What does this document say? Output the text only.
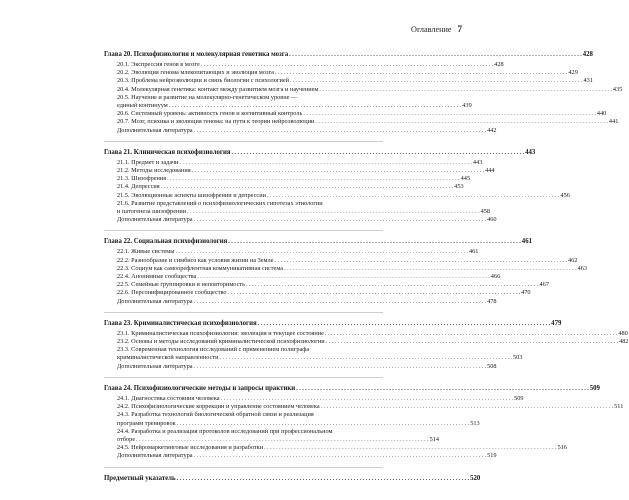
Оглавление 7
Глава 20. Психофизиология и молекулярная генетика мозга . . .	428
20.1. Экспрессия генов в мозге . . .	428
20.2. Эволюция генома млекопитающих и эволюция мозга . . .	429
20.3. Проблема нейроэволюции и связь биологии с психологией . . .	431
20.4. Молекулярная генетика: контакт между развитием мозга и научением . . .	435
20.5. Научение и развитие на молекулярно-генетическом уровне —
единый континуум . . .	439
20.6. Системный уровень: активность генов и когнитивный контроль . . .	440
20.7. Мозг, психика и эволюция генома: на пути к теории нейроэволюции . . .	441
Дополнительная литература . . .	442
Глава 21. Клиническая психофизиология . . .	443
21.1. Предмет и задачи . . .	443
21.2. Методы исследования . . .	444
21.3. Шизофрения . . .	445
21.4. Депрессия . . .	453
21.5. Эволюционные аспекты шизофрении и депрессии . . .	456
21.6. Развитие представлений о психофизиологических гипотезах этиологии
и патогенеза шизофрении . . .	458
Дополнительная литература . . .	460
Глава 22. Социальная психофизиология . . .	461
22.1. Живые системы . . .	461
22.2. Разнообразие и симбиоз как условия жизни на Земле . . .	462
22.3. Социум как самоорефлентная коммуникативная система . . .	463
22.4. Анонимные сообщества . . .	466
22.5. Семейные группировки и неповторимость . . .	467
22.6. Персонифицированное сообщество . . .	470
Дополнительная литература . . .	478
Глава 23. Криминалистическая психофизиология . . .	479
23.1. Криминалистическая психофизиология: эволюция и текущее состояние . . .	480
23.2. Основы и методы исследований криминалистической психофизиологии . . .	482
23.3. Современная технология исследований с применением полиграфа
криминалистической направленности . . .	503
Дополнительная литература . . .	508
Глава 24. Психофизиологические методы и запросы практики . . .	509
24.1. Диагностика состояния человека . . .	509
24.2. Психофизиологические коррекции и управление состоянием человека . . .	511
24.3. Разработка технологий биологической обратной связи и реализация
программ тренировок . . .	513
24.4. Разработка и реализация протоколов исследований при профессиональном
отборе . . .	514
24.5. Нейромаркетинговые исследования и разработки . . .	516
Дополнительная литература . . .	519
Предметный указатель . . .	520
